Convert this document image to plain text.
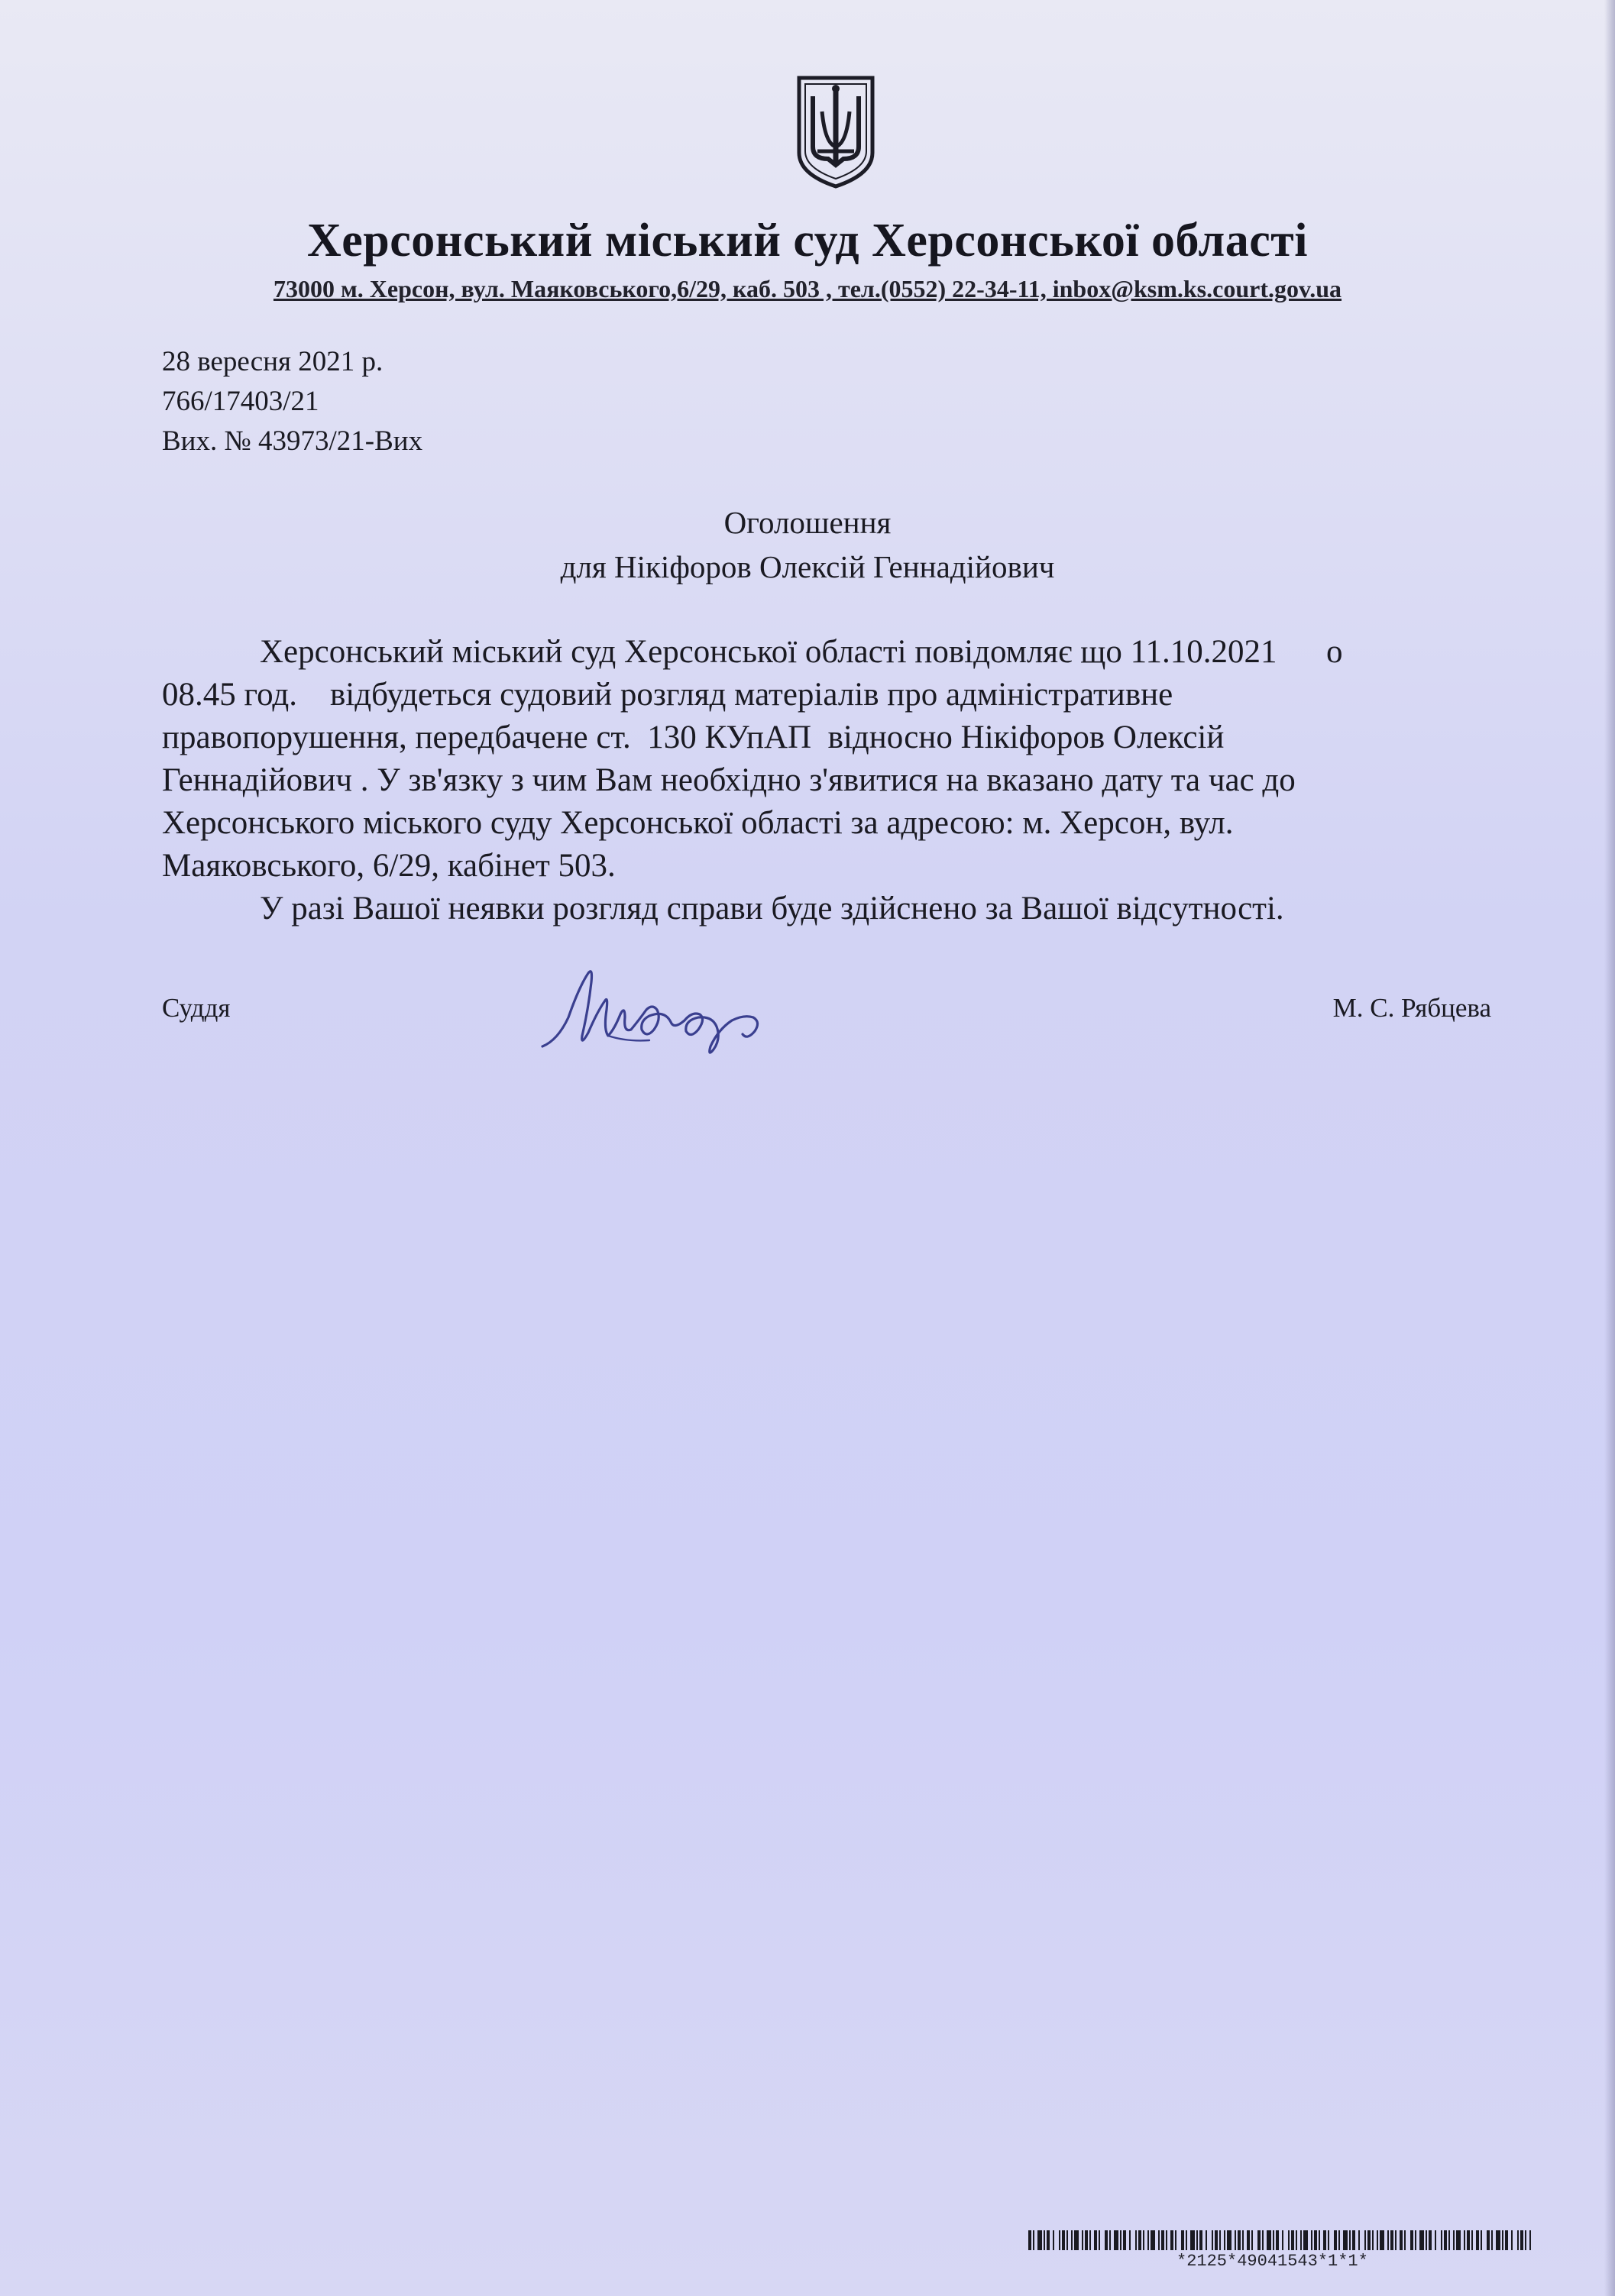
Херсонський міський суд Херсонської області
73000 м. Херсон, вул. Маяковського,6/29, каб. 503 , тел.(0552) 22-34-11, inbox@ksm.ks.court.gov.ua
28 вересня 2021 р.
766/17403/21
Вих. № 43973/21-Вих
Оголошення
для Нікіфоров Олексій Геннадійович
Херсонський міський суд Херсонської області повідомляє що 11.10.2021      о
08.45 год.    відбудеться судовий розгляд матеріалів про адміністративне
правопорушення, передбачене ст.  130 КУпАП  відносно Нікіфоров Олексій
Геннадійович . У зв'язку з чим Вам необхідно з'явитися на вказано дату та час до
Херсонського міського суду Херсонської області за адресою: м. Херсон, вул.
Маяковського, 6/29, кабінет 503.
У разі Вашої неявки розгляд справи буде здійснено за Вашої відсутності.
Суддя	М. С. Рябцева
*2125*49041543*1*1*
